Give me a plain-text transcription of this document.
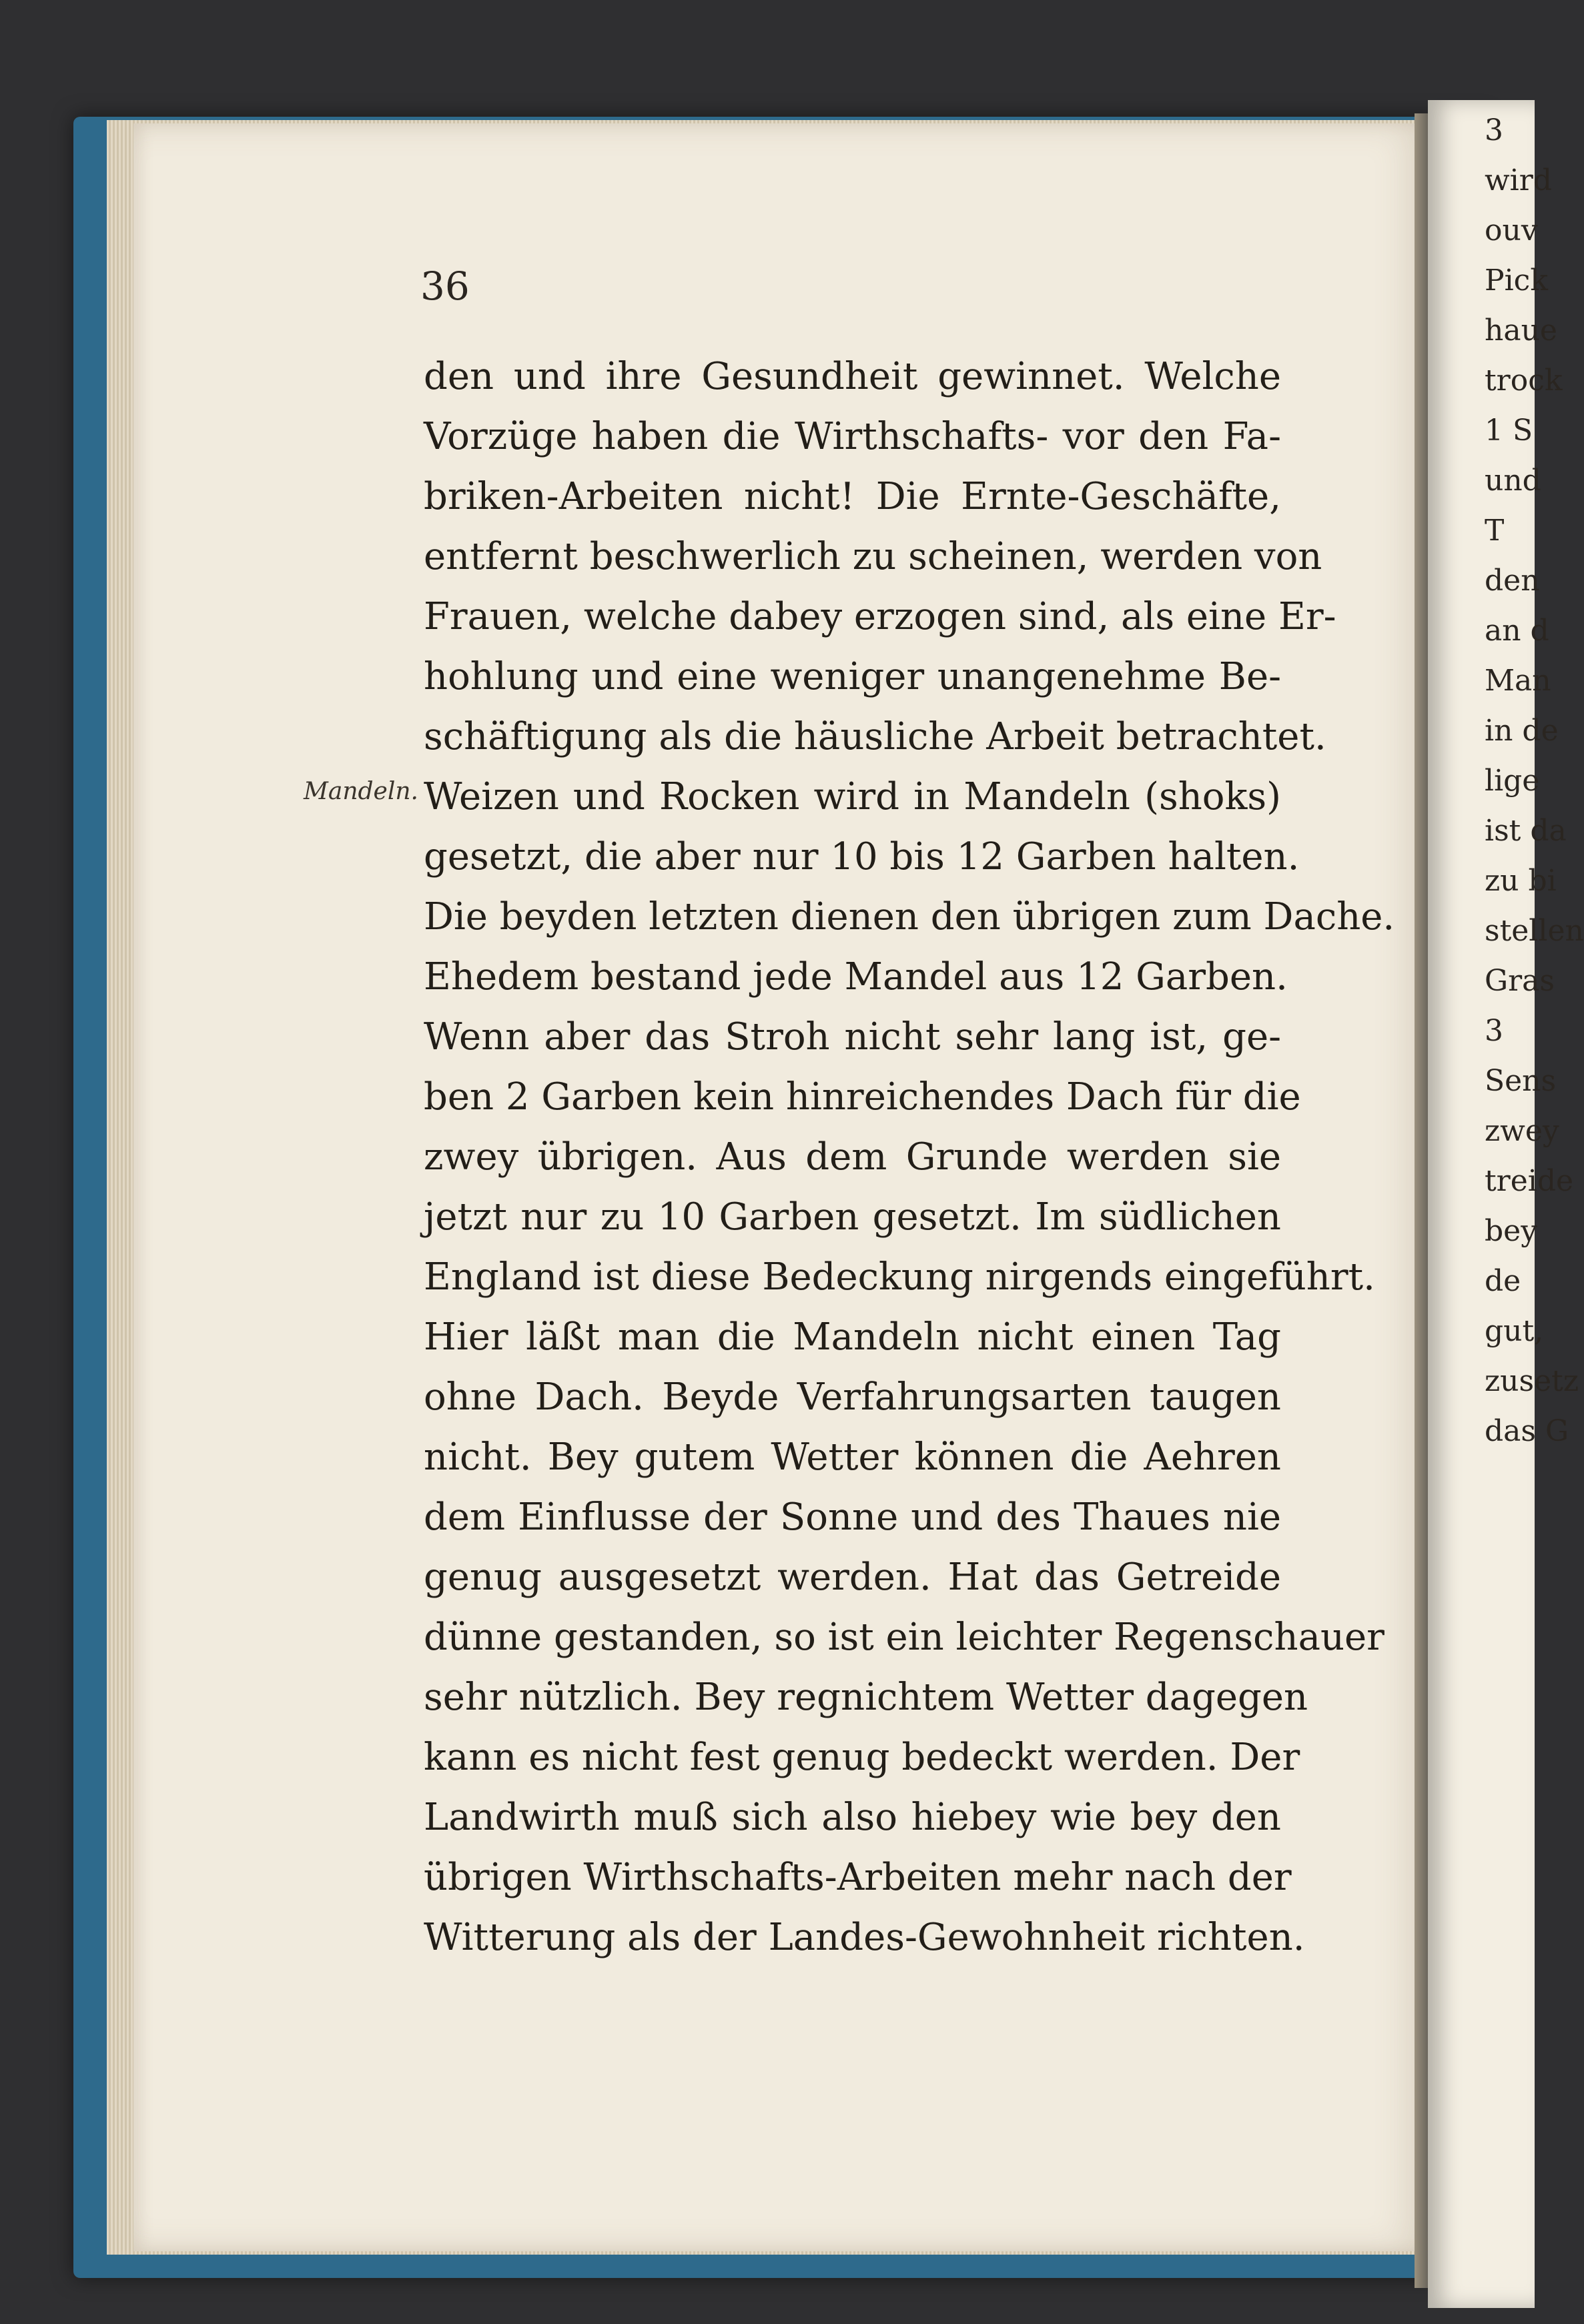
3
wird
ouv
Pick
haue
trock
1 S
und
T
den
an d
Man
in de
lige
ist da
zu bi
stellen
Gras
3
Sens
zwey
treide
bey
de
gut,
zusetz
das G
36
Mandeln.
den und ihre Gesundheit gewinnet. Welche
Vorzüge haben die Wirthschafts- vor den Fa-
briken-Arbeiten nicht! Die Ernte-Geschäfte,
entfernt beschwerlich zu scheinen, werden von
Frauen, welche dabey erzogen sind, als eine Er-
hohlung und eine weniger unangenehme Be-
schäftigung als die häusliche Arbeit betrachtet.
Weizen und Rocken wird in Mandeln (shoks)
gesetzt, die aber nur 10 bis 12 Garben halten.
Die beyden letzten dienen den übrigen zum Dache.
Ehedem bestand jede Mandel aus 12 Garben.
Wenn aber das Stroh nicht sehr lang ist, ge-
ben 2 Garben kein hinreichendes Dach für die
zwey übrigen. Aus dem Grunde werden sie
jetzt nur zu 10 Garben gesetzt. Im südlichen
England ist diese Bedeckung nirgends eingeführt.
Hier läßt man die Mandeln nicht einen Tag
ohne Dach. Beyde Verfahrungsarten taugen
nicht. Bey gutem Wetter können die Aehren
dem Einflusse der Sonne und des Thaues nie
genug ausgesetzt werden. Hat das Getreide
dünne gestanden, so ist ein leichter Regenschauer
sehr nützlich. Bey regnichtem Wetter dagegen
kann es nicht fest genug bedeckt werden. Der
Landwirth muß sich also hiebey wie bey den
übrigen Wirthschafts-Arbeiten mehr nach der
Witterung als der Landes-Gewohnheit richten.
